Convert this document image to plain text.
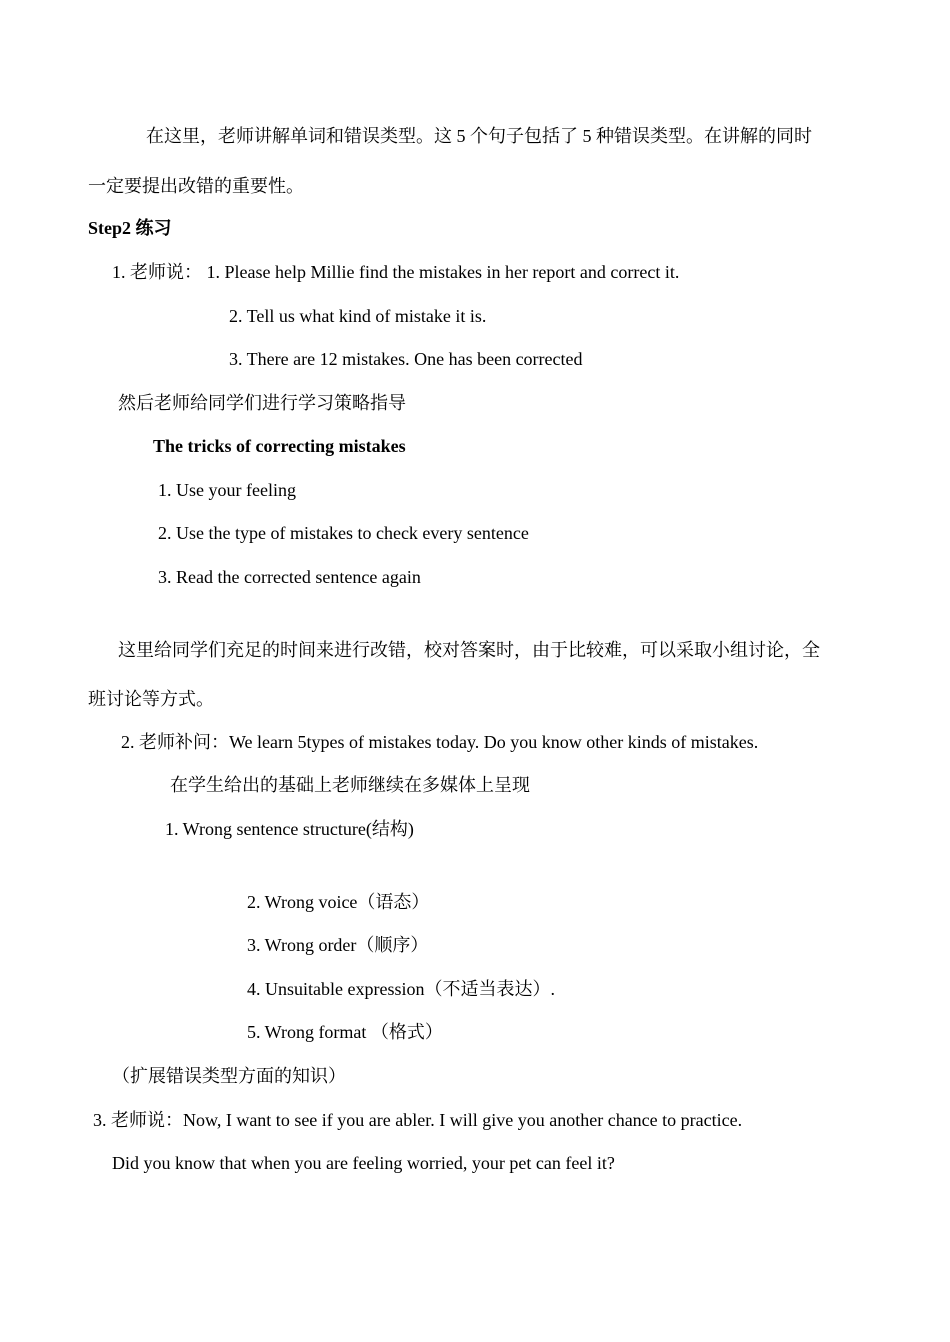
在这里，老师讲解单词和错误类型。这 5 个句子包括了 5 种错误类型。在讲解的同时

一定要提出改错的重要性。

Step2 练习

1. 老师说： 1. Please help Millie find the mistakes in her report and correct it.

2. Tell us what kind of mistake it is.

3. There are 12 mistakes. One has been corrected

然后老师给同学们进行学习策略指导

The tricks of correcting mistakes

1. Use your feeling

2. Use the type of mistakes to check every sentence

3. Read the corrected sentence again

这里给同学们充足的时间来进行改错，校对答案时，由于比较难，可以采取小组讨论，全

班讨论等方式。

2. 老师补问：We learn 5types of mistakes today. Do you know other kinds of mistakes.

在学生给出的基础上老师继续在多媒体上呈现

1. Wrong sentence structure(结构)

2. Wrong voice（语态）

3. Wrong order（顺序）

4. Unsuitable expression（不适当表达）.

5. Wrong format （格式）

（扩展错误类型方面的知识）

3. 老师说：Now, I want to see if you are abler. I will give you another chance to practice.

Did you know that when you are feeling worried, your pet can feel it?
